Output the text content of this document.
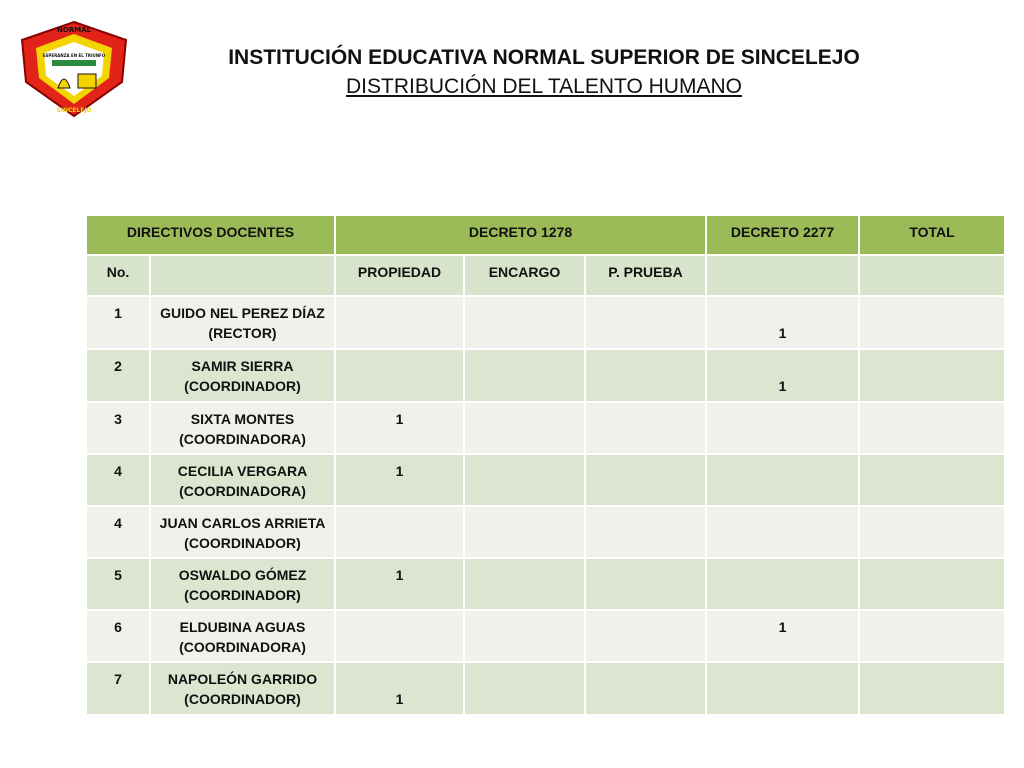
NORMAL
ESPERANZA EN EL TRIUNFO
SINCELEJO
INSTITUCIÓN EDUCATIVA NORMAL SUPERIOR DE SINCELEJO
DISTRIBUCIÓN DEL TALENTO HUMANO
DIRECTIVOS DOCENTES		DECRETO 1278			DECRETO 2277	TOTAL
No.		PROPIEDAD	ENCARGO	P. PRUEBA		
1	GUIDO NEL PEREZ DÍAZ (RECTOR)				1	
2	SAMIR SIERRA (COORDINADOR)				1	
3	SIXTA MONTES (COORDINADORA)	1				
4	CECILIA VERGARA (COORDINADORA)	1				
4	JUAN CARLOS ARRIETA (COORDINADOR)					
5	OSWALDO GÓMEZ (COORDINADOR)	1				
6	ELDUBINA AGUAS (COORDINADORA)				1	
7	NAPOLEÓN GARRIDO (COORDINADOR)	1				
